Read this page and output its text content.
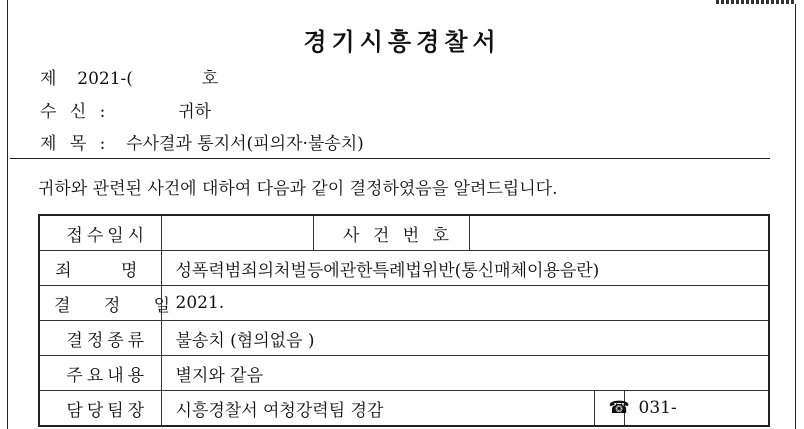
경기시흥경찰서
제 2021-(	호
수 신 :	귀하
제 목 : 수사결과 통지서(피의자·불송치)
귀하와 관련된 사건에 대하여 다음과 같이 결정하였음을 알려드립니다.
접수일시		사 건 번 호			
죄 명	성폭력범죄의처벌등에관한특례법위반(통신매체이용음란)				
결 정 일	2021.				
결정종류	불송치 (혐의없음 )				
주요내용	별지와 같음				
담당팀장	시흥경찰서 여청강력팀 경감			☎	031-
